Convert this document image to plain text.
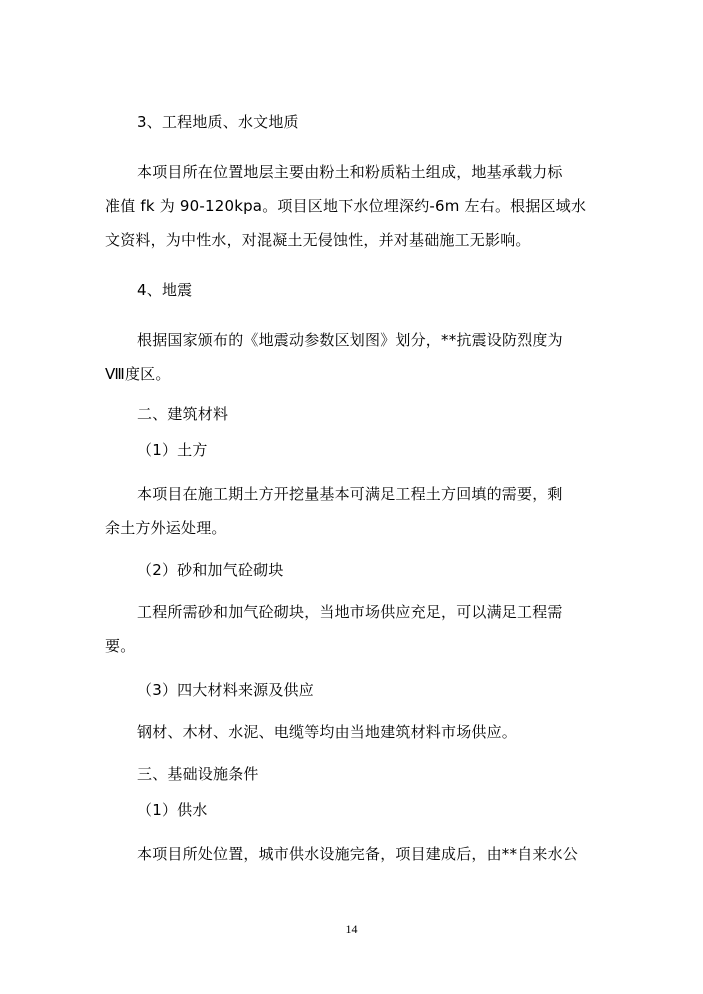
3、工程地质、水文地质
本项目所在位置地层主要由粉土和粉质粘土组成，地基承载力标
准值 fk 为 90-120kpa。项目区地下水位埋深约-6m 左右。根据区域水
文资料，为中性水，对混凝土无侵蚀性，并对基础施工无影响。
4、地震
根据国家颁布的《地震动参数区划图》划分，**抗震设防烈度为
Ⅷ度区。
二、建筑材料
（1）土方
本项目在施工期土方开挖量基本可满足工程土方回填的需要，剩
余土方外运处理。
（2）砂和加气砼砌块
工程所需砂和加气砼砌块，当地市场供应充足，可以满足工程需
要。
（3）四大材料来源及供应
钢材、木材、水泥、电缆等均由当地建筑材料市场供应。
三、基础设施条件
（1）供水
本项目所处位置，城市供水设施完备，项目建成后，由**自来水公
14
